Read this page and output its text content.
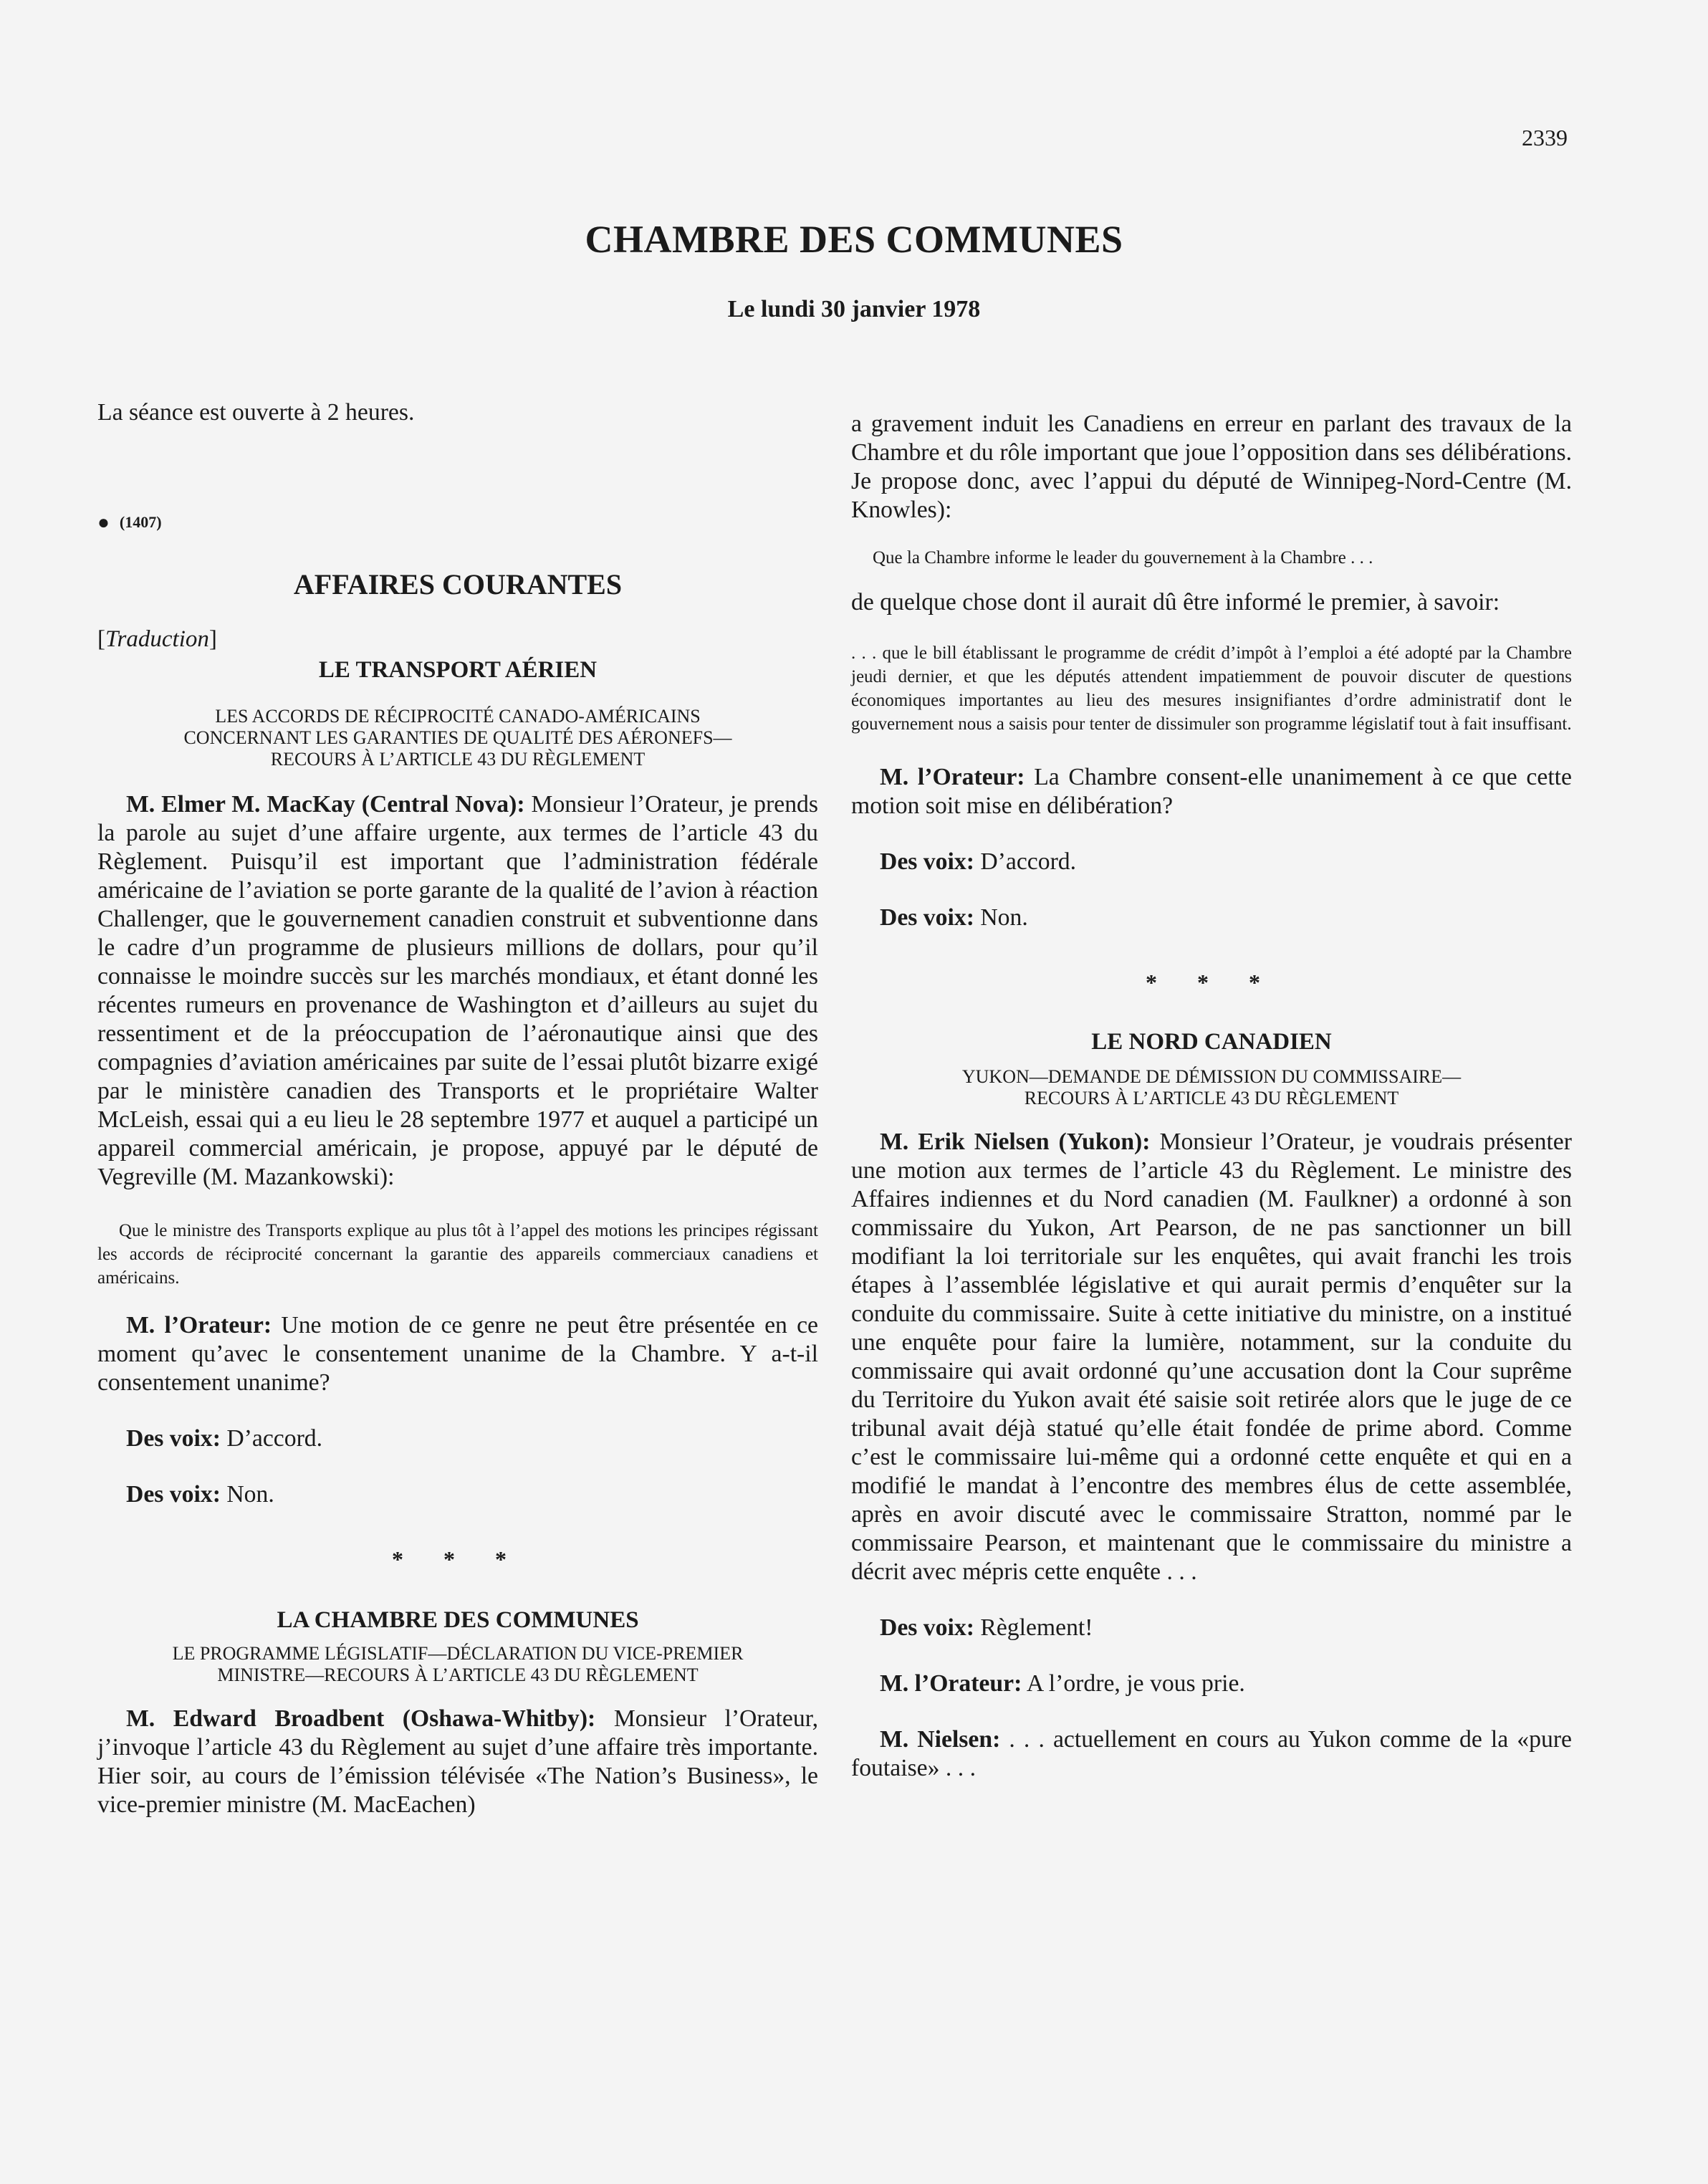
2339
CHAMBRE DES COMMUNES
Le lundi 30 janvier 1978

La séance est ouverte à 2 heures.

● (1407)
AFFAIRES COURANTES
[Traduction]
LE TRANSPORT AÉRIEN
LES ACCORDS DE RÉCIPROCITÉ CANADO-AMÉRICAINS
CONCERNANT LES GARANTIES DE QUALITÉ DES AÉRONEFS—
RECOURS À L’ARTICLE 43 DU RÈGLEMENT

M. Elmer M. MacKay (Central Nova): Monsieur l’Orateur, je prends la parole au sujet d’une affaire urgente, aux termes de l’article 43 du Règlement. Puisqu’il est important que l’administration fédérale américaine de l’aviation se porte garante de la qualité de l’avion à réaction Challenger, que le gouvernement canadien construit et subventionne dans le cadre d’un programme de plusieurs millions de dollars, pour qu’il connaisse le moindre succès sur les marchés mondiaux, et étant donné les récentes rumeurs en provenance de Washington et d’ailleurs au sujet du ressentiment et de la préoccupation de l’aéronautique ainsi que des compagnies d’aviation américaines par suite de l’essai plutôt bizarre exigé par le ministère canadien des Transports et le propriétaire Walter McLeish, essai qui a eu lieu le 28 septembre 1977 et auquel a participé un appareil commercial américain, je propose, appuyé par le député de Vegreville (M. Mazankowski):

Que le ministre des Transports explique au plus tôt à l’appel des motions les principes régissant les accords de réciprocité concernant la garantie des appareils commerciaux canadiens et américains.

M. l’Orateur: Une motion de ce genre ne peut être présentée en ce moment qu’avec le consentement unanime de la Chambre. Y a-t-il consentement unanime?

Des voix: D’accord.

Des voix: Non.

* * *
LA CHAMBRE DES COMMUNES
LE PROGRAMME LÉGISLATIF—DÉCLARATION DU VICE-PREMIER
MINISTRE—RECOURS À L’ARTICLE 43 DU RÈGLEMENT

M. Edward Broadbent (Oshawa-Whitby): Monsieur l’Orateur, j’invoque l’article 43 du Règlement au sujet d’une affaire très importante. Hier soir, au cours de l’émission télévisée «The Nation’s Business», le vice-premier ministre (M. MacEachen)

a gravement induit les Canadiens en erreur en parlant des travaux de la Chambre et du rôle important que joue l’opposition dans ses délibérations. Je propose donc, avec l’appui du député de Winnipeg-Nord-Centre (M. Knowles):

Que la Chambre informe le leader du gouvernement à la Chambre . . .

de quelque chose dont il aurait dû être informé le premier, à savoir:

. . . que le bill établissant le programme de crédit d’impôt à l’emploi a été adopté par la Chambre jeudi dernier, et que les députés attendent impatiemment de pouvoir discuter de questions économiques importantes au lieu des mesures insignifiantes d’ordre administratif dont le gouvernement nous a saisis pour tenter de dissimuler son programme législatif tout à fait insuffisant.

M. l’Orateur: La Chambre consent-elle unanimement à ce que cette motion soit mise en délibération?

Des voix: D’accord.

Des voix: Non.

* * *
LE NORD CANADIEN
YUKON—DEMANDE DE DÉMISSION DU COMMISSAIRE—
RECOURS À L’ARTICLE 43 DU RÈGLEMENT

M. Erik Nielsen (Yukon): Monsieur l’Orateur, je voudrais présenter une motion aux termes de l’article 43 du Règlement. Le ministre des Affaires indiennes et du Nord canadien (M. Faulkner) a ordonné à son commissaire du Yukon, Art Pearson, de ne pas sanctionner un bill modifiant la loi territoriale sur les enquêtes, qui avait franchi les trois étapes à l’assemblée législative et qui aurait permis d’enquêter sur la conduite du commissaire. Suite à cette initiative du ministre, on a institué une enquête pour faire la lumière, notamment, sur la conduite du commissaire qui avait ordonné qu’une accusation dont la Cour suprême du Territoire du Yukon avait été saisie soit retirée alors que le juge de ce tribunal avait déjà statué qu’elle était fondée de prime abord. Comme c’est le commissaire lui-même qui a ordonné cette enquête et qui en a modifié le mandat à l’encontre des membres élus de cette assemblée, après en avoir discuté avec le commissaire Stratton, nommé par le commissaire Pearson, et maintenant que le commissaire du ministre a décrit avec mépris cette enquête . . .

Des voix: Règlement!

M. l’Orateur: A l’ordre, je vous prie.

M. Nielsen: . . . actuellement en cours au Yukon comme de la «pure foutaise» . . .
